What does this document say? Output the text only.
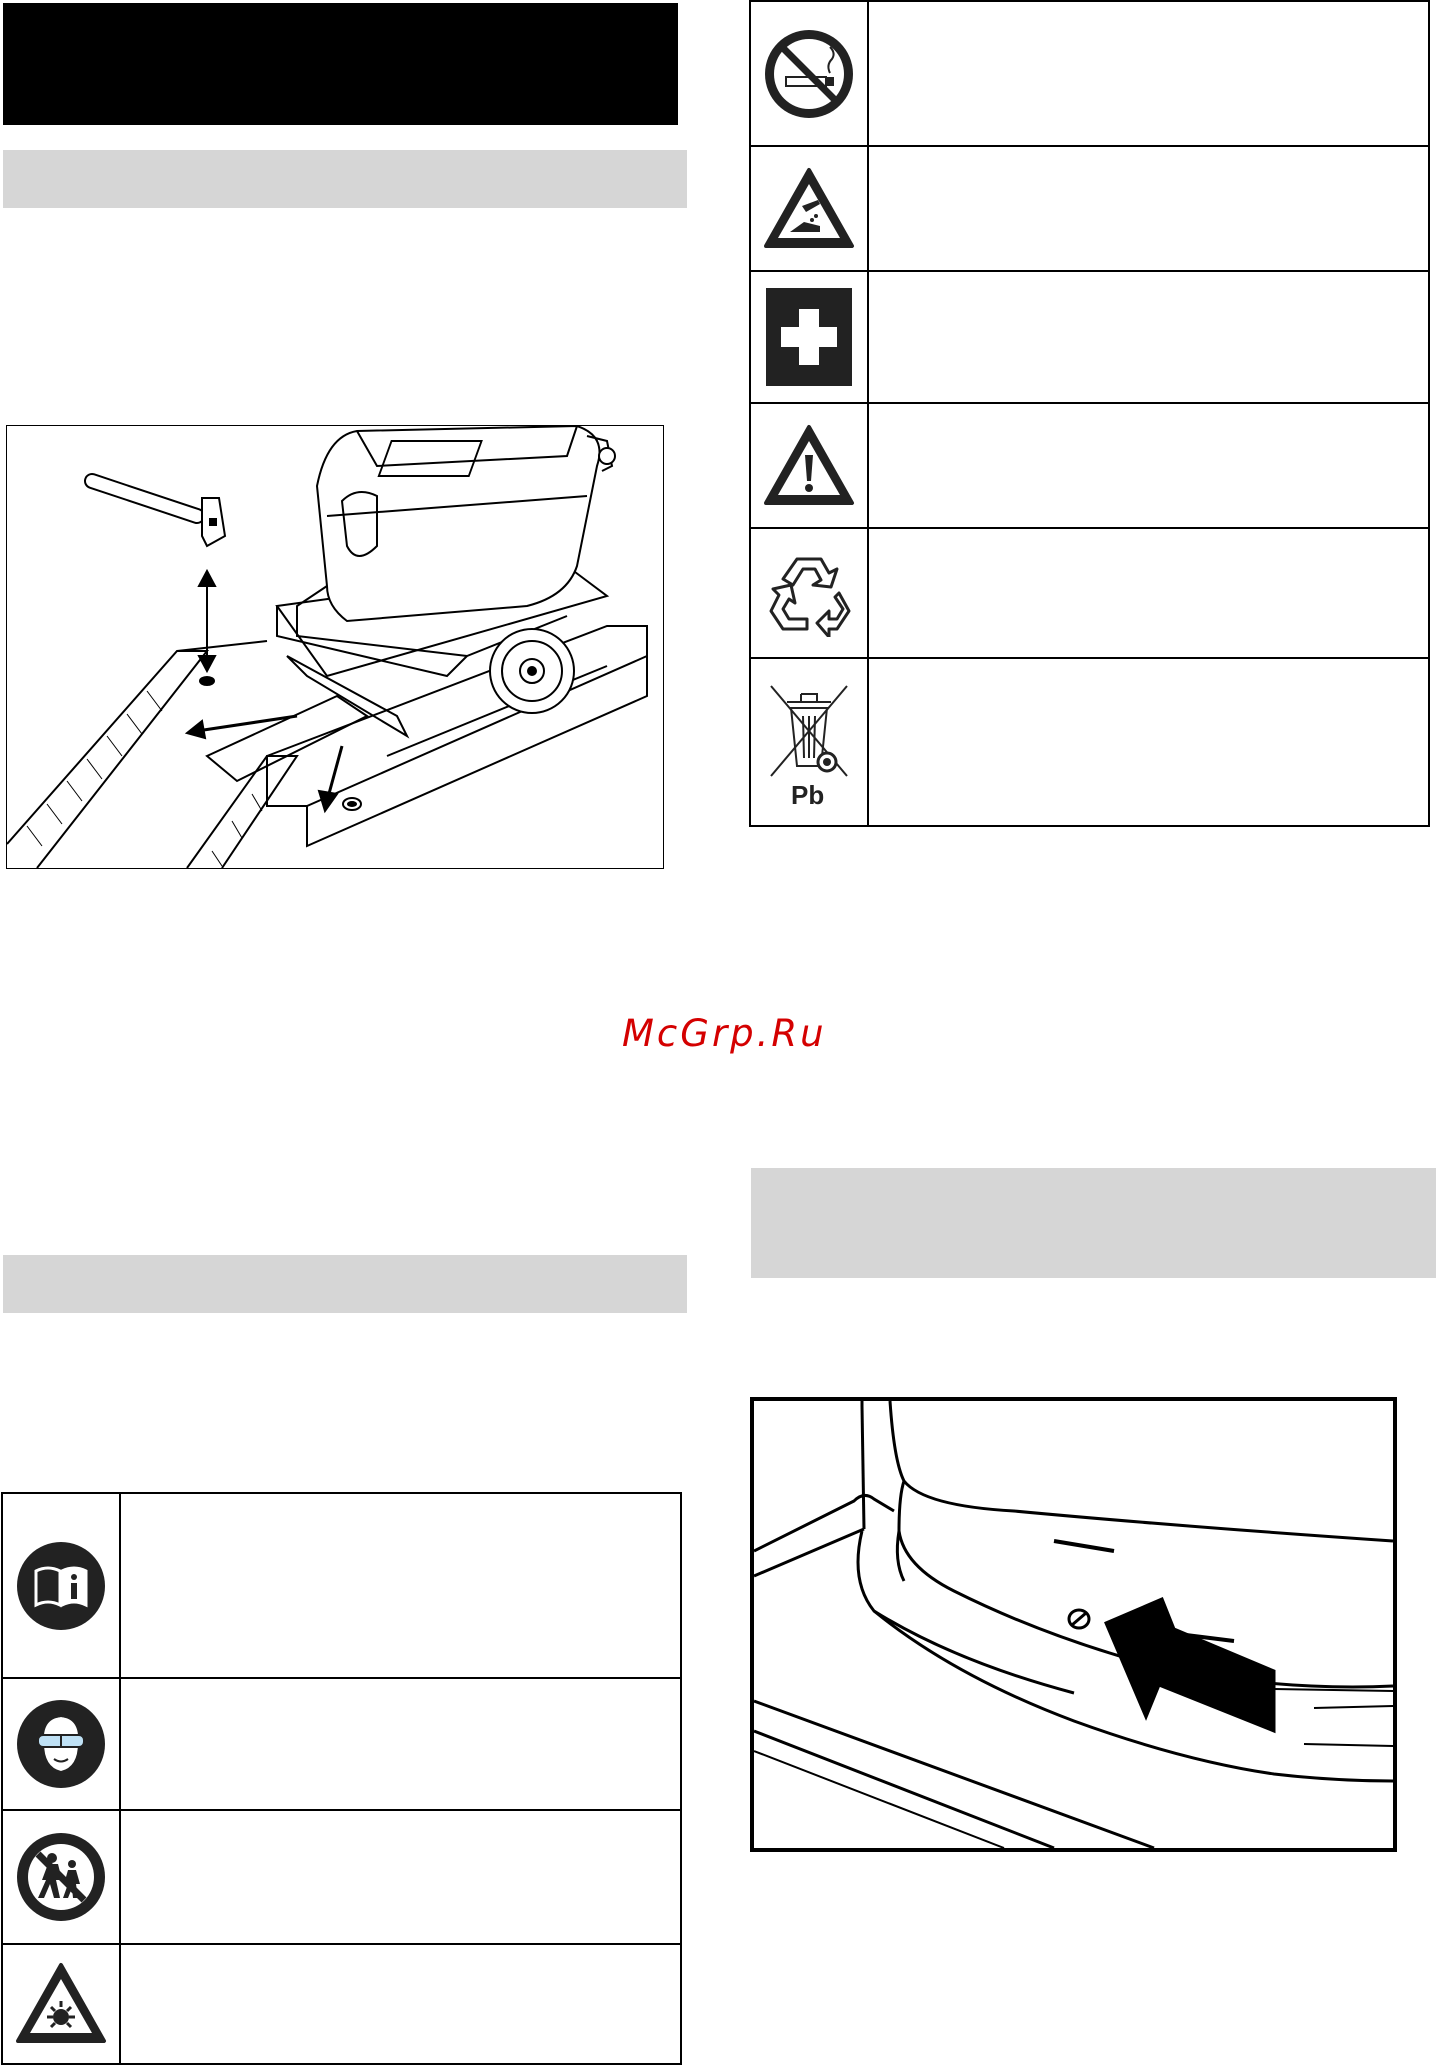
Pb	

McGrp.Ru
